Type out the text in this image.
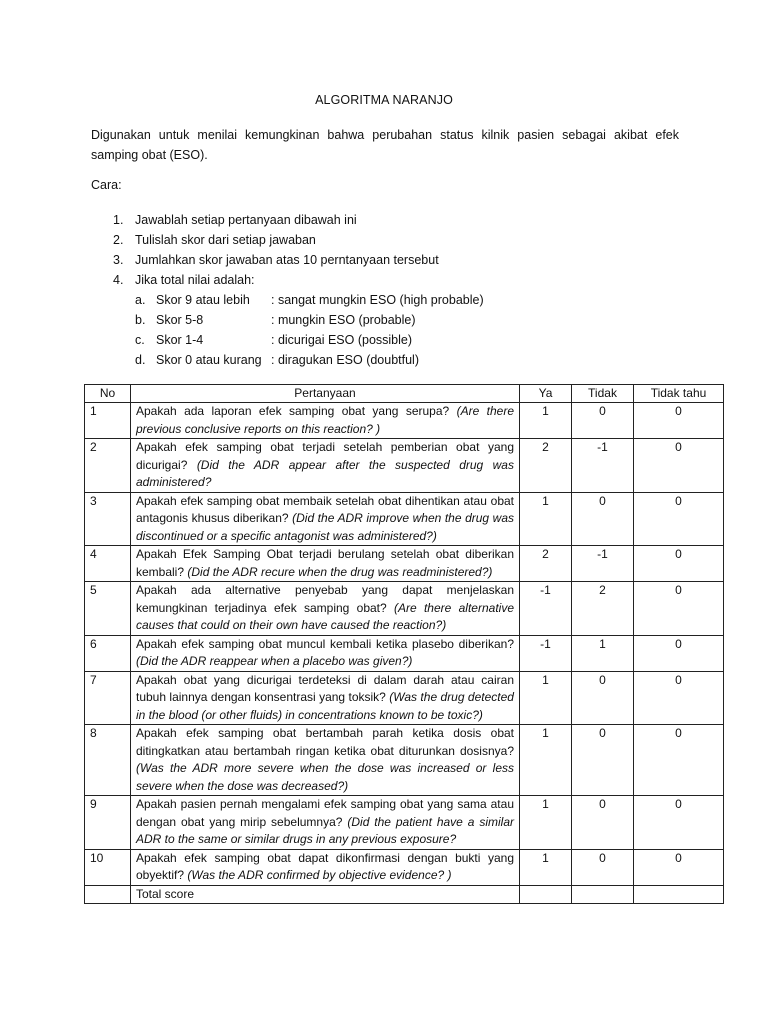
ALGORITMA NARANJO
Digunakan untuk menilai kemungkinan bahwa perubahan status kilnik pasien sebagai akibat efek samping obat (ESO).
Cara:
1. Jawablah setiap pertanyaan dibawah ini
2. Tulislah skor dari setiap jawaban
3. Jumlahkan skor jawaban atas 10 perntanyaan tersebut
4. Jika total nilai adalah:
a. Skor 9 atau lebih : sangat mungkin ESO (high probable)
b. Skor 5-8	: mungkin ESO (probable)
c. Skor 1-4	: dicurigai ESO (possible)
d. Skor 0 atau kurang : diragukan ESO (doubtful)
No	Pertanyaan	Ya	Tidak	Tidak tahu
1	Apakah ada laporan efek samping obat yang serupa? (Are there previous conclusive reports on this reaction? )	1	0	0
2	Apakah efek samping obat terjadi setelah pemberian obat yang dicurigai? (Did the ADR appear after the suspected drug was administered?	2	-1	0
3	Apakah efek samping obat membaik setelah obat dihentikan atau obat antagonis khusus diberikan? (Did the ADR improve when the drug was discontinued or a specific antagonist was administered?)	1	0	0
4	Apakah Efek Samping Obat terjadi berulang setelah obat diberikan kembali? (Did the ADR recure when the drug was readministered?)	2	-1	0
5	Apakah ada alternative penyebab yang dapat menjelaskan kemungkinan terjadinya efek samping obat? (Are there alternative causes that could on their own have caused the reaction?)	-1	2	0
6	Apakah efek samping obat muncul kembali ketika plasebo diberikan? (Did the ADR reappear when a placebo was given?)	-1	1	0
7	Apakah obat yang dicurigai terdeteksi di dalam darah atau cairan tubuh lainnya dengan konsentrasi yang toksik? (Was the drug detected in the blood (or other fluids) in concentrations known to be toxic?)	1	0	0
8	Apakah efek samping obat bertambah parah ketika dosis obat ditingkatkan atau bertambah ringan ketika obat diturunkan dosisnya? (Was the ADR more severe when the dose was increased or less severe when the dose was decreased?)	1	0	0
9	Apakah pasien pernah mengalami efek samping obat yang sama atau dengan obat yang mirip sebelumnya? (Did the patient have a similar ADR to the same or similar drugs in any previous exposure?	1	0	0
10	Apakah efek samping obat dapat dikonfirmasi dengan bukti yang obyektif? (Was the ADR confirmed by objective evidence? )	1	0	0
	Total score			
